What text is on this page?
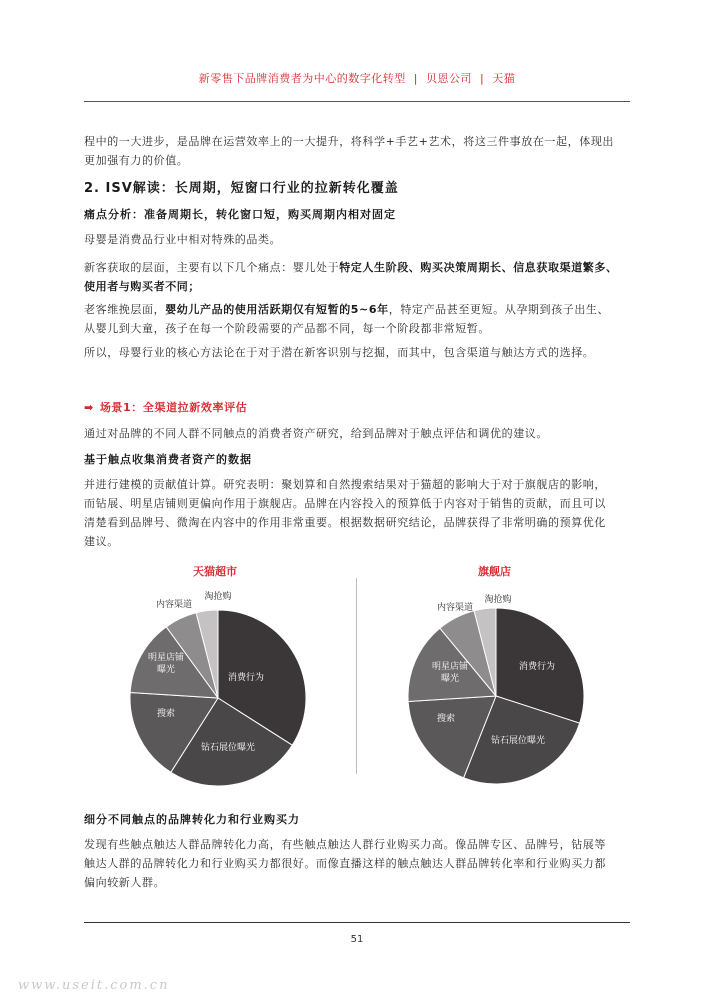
新零售下品牌消费者为中心的数字化转型 | 贝恩公司 | 天猫
程中的一大进步，是品牌在运营效率上的一大提升，将科学+手艺+艺术，将这三件事放在一起，体现出
更加强有力的价值。
2. ISV解读：长周期，短窗口行业的拉新转化覆盖
痛点分析：准备周期长，转化窗口短，购买周期内相对固定
母婴是消费品行业中相对特殊的品类。
新客获取的层面，主要有以下几个痛点：婴儿处于特定人生阶段、购买决策周期长、信息获取渠道繁多、
使用者与购买者不同；
老客维挽层面，婴幼儿产品的使用活跃期仅有短暂的5~6年，特定产品甚至更短。从孕期到孩子出生、
从婴儿到大童，孩子在每一个阶段需要的产品都不同，每一个阶段都非常短暂。
所以，母婴行业的核心方法论在于对于潜在新客识别与挖掘，而其中，包含渠道与触达方式的选择。
➡ 场景1：全渠道拉新效率评估
通过对品牌的不同人群不同触点的消费者资产研究，给到品牌对于触点评估和调优的建议。
基于触点收集消费者资产的数据
并进行建模的贡献值计算。研究表明：聚划算和自然搜索结果对于猫超的影响大于对于旗舰店的影响，
而钻展、明星店铺则更偏向作用于旗舰店。品牌在内容投入的预算低于内容对于销售的贡献，而且可以
清楚看到品牌号、微淘在内容中的作用非常重要。根据数据研究结论，品牌获得了非常明确的预算优化
建议。
天猫超市	旗舰店
消费行为
钻石展位曝光
搜索
明星店铺
曝光
内容渠道
淘抢购
消费行为
钻石展位曝光
搜索
明星店铺
曝光
内容渠道
淘抢购
细分不同触点的品牌转化力和行业购买力
发现有些触点触达人群品牌转化力高，有些触点触达人群行业购买力高。像品牌专区、品牌号，钻展等
触达人群的品牌转化力和行业购买力都很好。而像直播这样的触点触达人群品牌转化率和行业购买力都
偏向较新人群。
51
www.useit.com.cn
